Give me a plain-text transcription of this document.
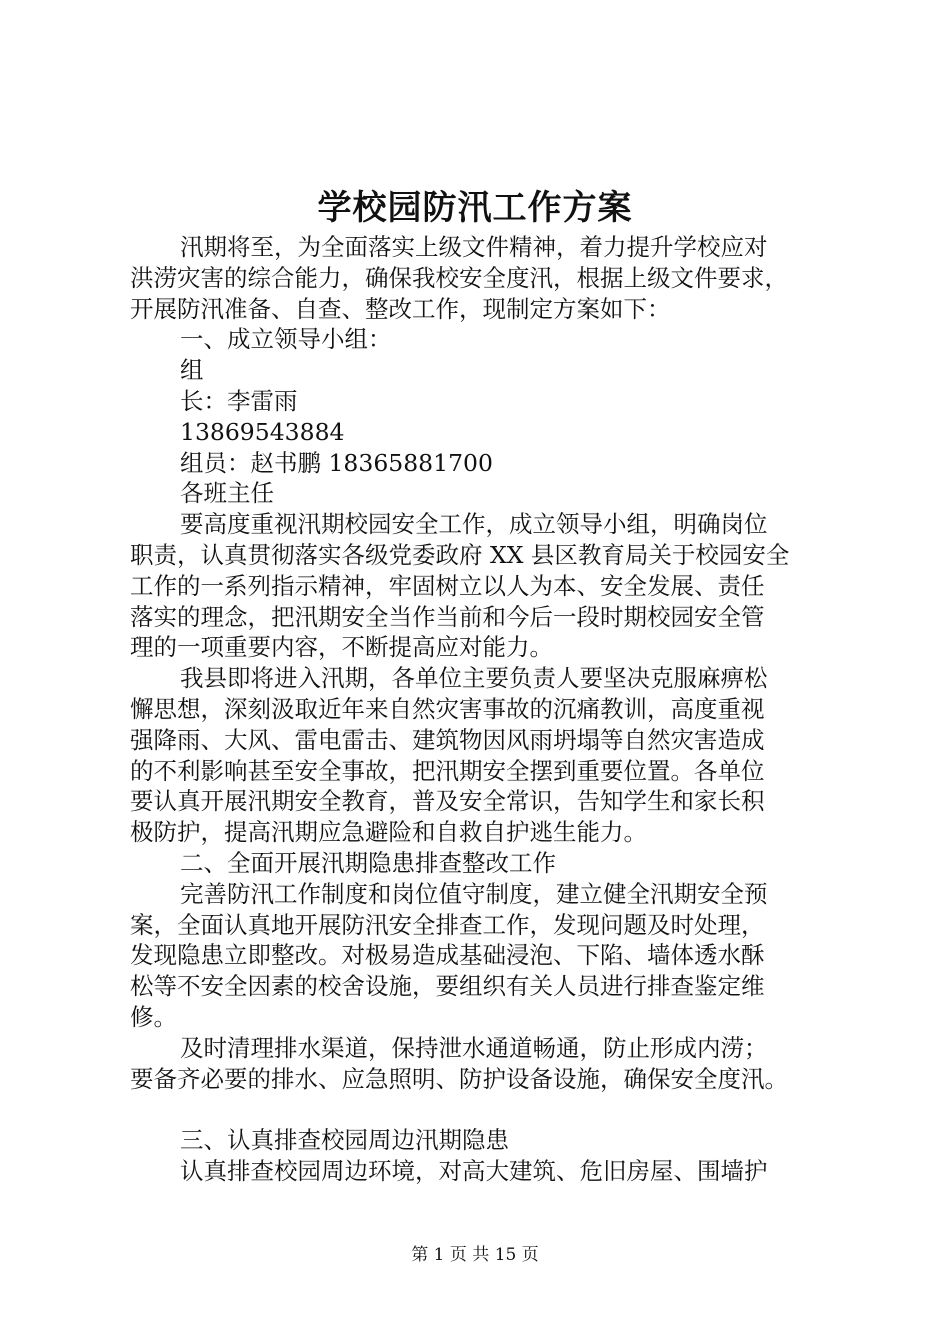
学校园防汛工作方案

汛期将至，为全面落实上级文件精神，着力提升学校应对

洪涝灾害的综合能力，确保我校安全度汛，根据上级文件要求，

开展防汛准备、自查、整改工作，现制定方案如下：

一、成立领导小组：

组

长：李雷雨

13869543884

组员：赵书鹏 18365881700

各班主任

要高度重视汛期校园安全工作，成立领导小组，明确岗位

职责，认真贯彻落实各级党委政府 XX 县区教育局关于校园安全

工作的一系列指示精神，牢固树立以人为本、安全发展、责任

落实的理念，把汛期安全当作当前和今后一段时期校园安全管

理的一项重要内容，不断提高应对能力。

我县即将进入汛期，各单位主要负责人要坚决克服麻痹松

懈思想，深刻汲取近年来自然灾害事故的沉痛教训，高度重视

强降雨、大风、雷电雷击、建筑物因风雨坍塌等自然灾害造成

的不利影响甚至安全事故，把汛期安全摆到重要位置。各单位

要认真开展汛期安全教育，普及安全常识，告知学生和家长积

极防护，提高汛期应急避险和自救自护逃生能力。

二、全面开展汛期隐患排查整改工作

完善防汛工作制度和岗位值守制度，建立健全汛期安全预

案，全面认真地开展防汛安全排查工作，发现问题及时处理，

发现隐患立即整改。对极易造成基础浸泡、下陷、墙体透水酥

松等不安全因素的校舍设施，要组织有关人员进行排查鉴定维

修。

及时清理排水渠道，保持泄水通道畅通，防止形成内涝；

要备齐必要的排水、应急照明、防护设备设施，确保安全度汛。

三、认真排查校园周边汛期隐患

认真排查校园周边环境，对高大建筑、危旧房屋、围墙护

第 1 页 共 15 页
